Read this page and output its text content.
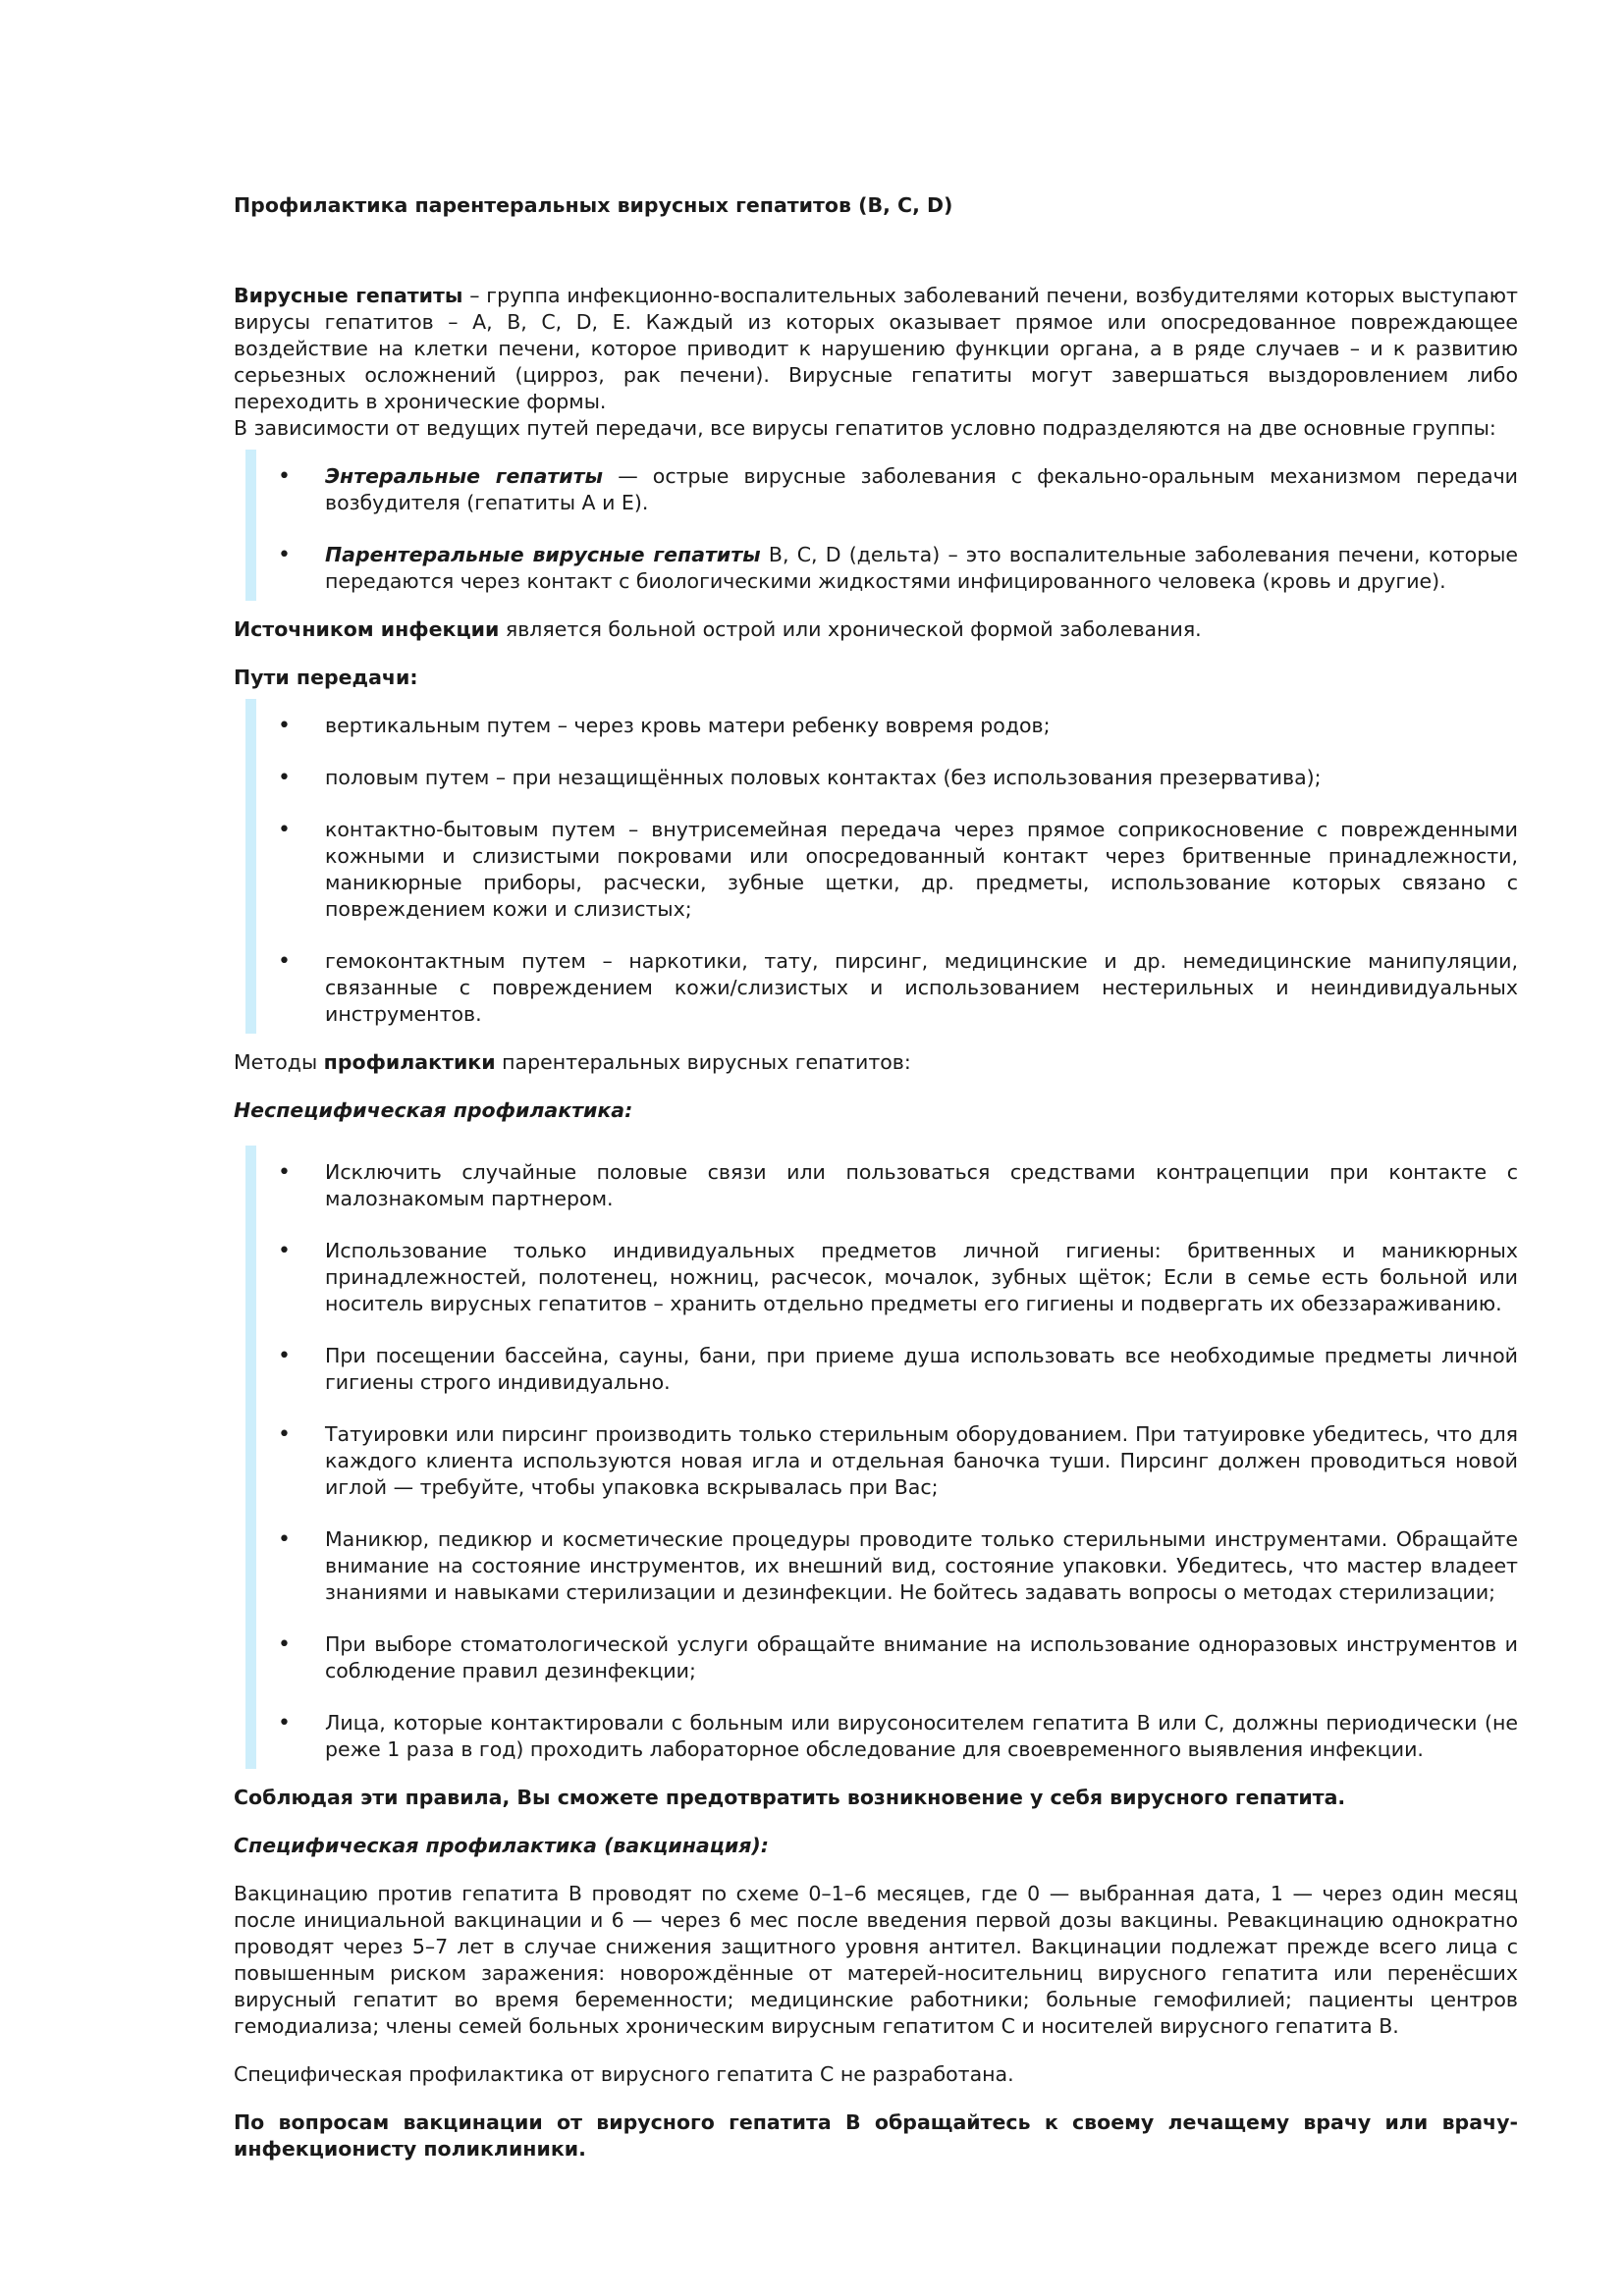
Профилактика парентеральных вирусных гепатитов (B, C, D)

Вирусные гепатиты – группа инфекционно-воспалительных заболеваний печени, возбудителями которых выступают вирусы гепатитов – А, В, С, D, Е. Каждый из которых оказывает прямое или опосредованное повреждающее воздействие на клетки печени, которое приводит к нарушению функции органа, а в ряде случаев – и к развитию серьезных осложнений (цирроз, рак печени). Вирусные гепатиты могут завершаться выздоровлением либо переходить в хронические формы.

В зависимости от ведущих путей передачи, все вирусы гепатитов условно подразделяются на две основные группы:

• Энтеральные гепатиты — острые вирусные заболевания с фекально-оральным механизмом передачи возбудителя (гепатиты А и Е).
• Парентеральные вирусные гепатиты В, С, D (дельта) – это воспалительные заболевания печени, которые передаются через контакт с биологическими жидкостями инфицированного человека (кровь и другие).

Источником инфекции является больной острой или хронической формой заболевания.

Пути передачи:

• вертикальным путем – через кровь матери ребенку вовремя родов;
• половым путем – при незащищённых половых контактах (без использования презерватива);
• контактно-бытовым путем – внутрисемейная передача через прямое соприкосновение с поврежденными кожными и слизистыми покровами или опосредованный контакт через бритвенные принадлежности, маникюрные приборы, расчески, зубные щетки, др. предметы, использование которых связано с повреждением кожи и слизистых;
• гемоконтактным путем – наркотики, тату, пирсинг, медицинские и др. немедицинские манипуляции, связанные с повреждением кожи/слизистых и использованием нестерильных и неиндивидуальных инструментов.

Методы профилактики парентеральных вирусных гепатитов:

Неспецифическая профилактика:

• Исключить случайные половые связи или пользоваться средствами контрацепции при контакте с малознакомым партнером.
• Использование только индивидуальных предметов личной гигиены: бритвенных и маникюрных принадлежностей, полотенец, ножниц, расчесок, мочалок, зубных щёток; Если в семье есть больной или носитель вирусных гепатитов – хранить отдельно предметы его гигиены и подвергать их обеззараживанию.
• При посещении бассейна, сауны, бани, при приеме душа использовать все необходимые предметы личной гигиены строго индивидуально.
• Татуировки или пирсинг производить только стерильным оборудованием. При татуировке убедитесь, что для каждого клиента используются новая игла и отдельная баночка туши. Пирсинг должен проводиться новой иглой — требуйте, чтобы упаковка вскрывалась при Вас;
• Маникюр, педикюр и косметические процедуры проводите только стерильными инструментами. Обращайте внимание на состояние инструментов, их внешний вид, состояние упаковки. Убедитесь, что мастер владеет знаниями и навыками стерилизации и дезинфекции. Не бойтесь задавать вопросы о методах стерилизации;
• При выборе стоматологической услуги обращайте внимание на использование одноразовых инструментов и соблюдение правил дезинфекции;
• Лица, которые контактировали с больным или вирусоносителем гепатита В или С, должны периодически (не реже 1 раза в год) проходить лабораторное обследование для своевременного выявления инфекции.

Соблюдая эти правила, Вы сможете предотвратить возникновение у себя вирусного гепатита.

Специфическая профилактика (вакцинация):

Вакцинацию против гепатита В проводят по схеме 0–1–6 месяцев, где 0 — выбранная дата, 1 — через один месяц после инициальной вакцинации и 6 — через 6 мес после введения первой дозы вакцины. Ревакцинацию однократно проводят через 5–7 лет в случае снижения защитного уровня антител. Вакцинации подлежат прежде всего лица с повышенным риском заражения: новорождённые от матерей-носительниц вирусного гепатита или перенёсших вирусный гепатит во время беременности; медицинские работники; больные гемофилией; пациенты центров гемодиализа; члены семей больных хроническим вирусным гепатитом С и носителей вирусного гепатита В.

Специфическая профилактика от вирусного гепатита С не разработана.

По вопросам вакцинации от вирусного гепатита В обращайтесь к своему лечащему врачу или врачу-инфекционисту поликлиники.
